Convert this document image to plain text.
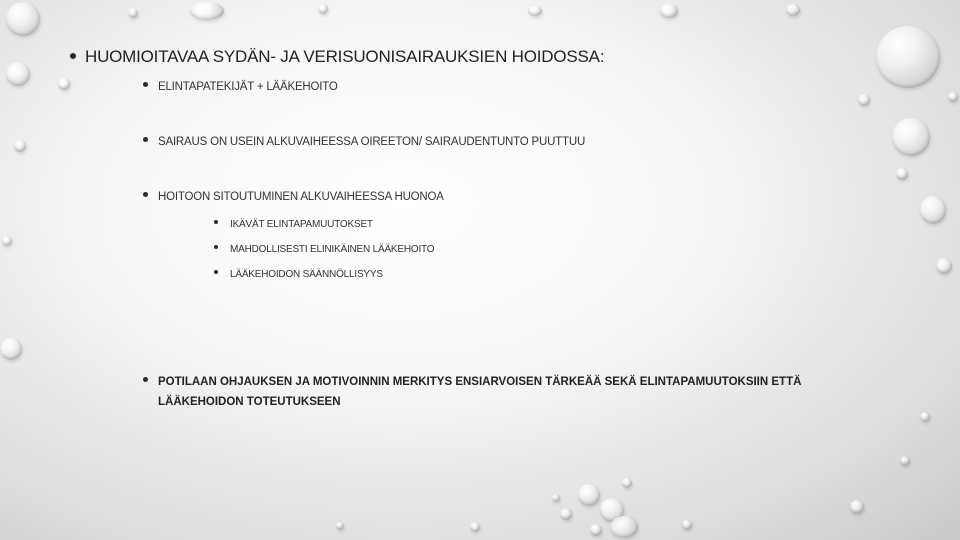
HUOMIOITAVAA SYDÄN- JA VERISUONISAIRAUKSIEN HOIDOSSA:
ELINTAPATEKIJÄT + LÄÄKEHOITO
SAIRAUS ON USEIN ALKUVAIHEESSA OIREETON/ SAIRAUDENTUNTO PUUTTUU
HOITOON SITOUTUMINEN ALKUVAIHEESSA HUONOA
IKÄVÄT ELINTAPAMUUTOKSET
MAHDOLLISESTI ELINIKÄINEN LÄÄKEHOITO
LÄÄKEHOIDON SÄÄNNÖLLISYYS
POTILAAN OHJAUKSEN JA MOTIVOINNIN MERKITYS ENSIARVOISEN TÄRKEÄÄ SEKÄ ELINTAPAMUUTOKSIIN ETTÄ
LÄÄKEHOIDON TOTEUTUKSEEN
